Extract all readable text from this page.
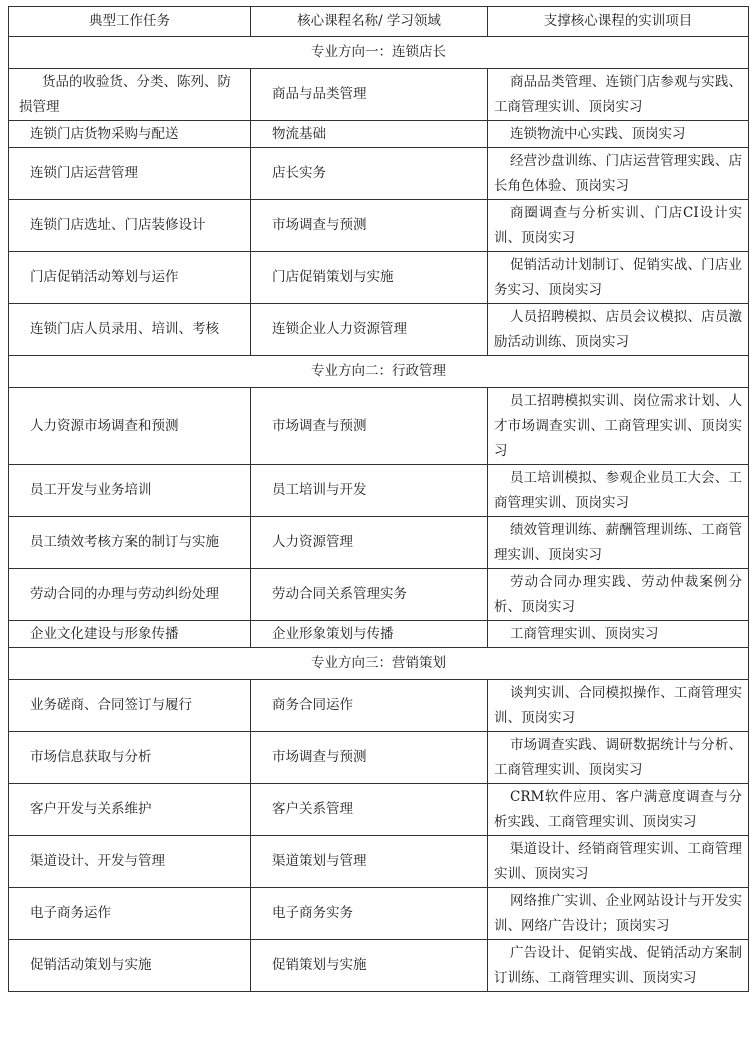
典型工作任务	核心课程名称/ 学习领域	支撑核心课程的实训项目
专业方向一：连锁店长		
货品的收验货、分类、陈列、防损管理	商品与品类管理	商品品类管理、连锁门店参观与实践、工商管理实训、顶岗实习
连锁门店货物采购与配送	物流基础	连锁物流中心实践、顶岗实习
连锁门店运营管理	店长实务	经营沙盘训练、门店运营管理实践、店长角色体验、顶岗实习
连锁门店选址、门店装修设计	市场调查与预测	商圈调查与分析实训、门店CI设计实训、顶岗实习
门店促销活动筹划与运作	门店促销策划与实施	促销活动计划制订、促销实战、门店业务实习、顶岗实习
连锁门店人员录用、培训、考核	连锁企业人力资源管理	人员招聘模拟、店员会议模拟、店员激励活动训练、顶岗实习
专业方向二：行政管理		
人力资源市场调查和预测	市场调查与预测	员工招聘模拟实训、岗位需求计划、人才市场调查实训、工商管理实训、顶岗实习
员工开发与业务培训	员工培训与开发	员工培训模拟、参观企业员工大会、工商管理实训、顶岗实习
员工绩效考核方案的制订与实施	人力资源管理	绩效管理训练、薪酬管理训练、工商管理实训、顶岗实习
劳动合同的办理与劳动纠纷处理	劳动合同关系管理实务	劳动合同办理实践、劳动仲裁案例分析、顶岗实习
企业文化建设与形象传播	企业形象策划与传播	工商管理实训、顶岗实习
专业方向三：营销策划		
业务磋商、合同签订与履行	商务合同运作	谈判实训、合同模拟操作、工商管理实训、顶岗实习
市场信息获取与分析	市场调查与预测	市场调查实践、调研数据统计与分析、工商管理实训、顶岗实习
客户开发与关系维护	客户关系管理	CRM软件应用、客户满意度调查与分析实践、工商管理实训、顶岗实习
渠道设计、开发与管理	渠道策划与管理	渠道设计、经销商管理实训、工商管理实训、顶岗实习
电子商务运作	电子商务实务	网络推广实训、企业网站设计与开发实训、网络广告设计；顶岗实习
促销活动策划与实施	促销策划与实施	广告设计、促销实战、促销活动方案制订训练、工商管理实训、顶岗实习
